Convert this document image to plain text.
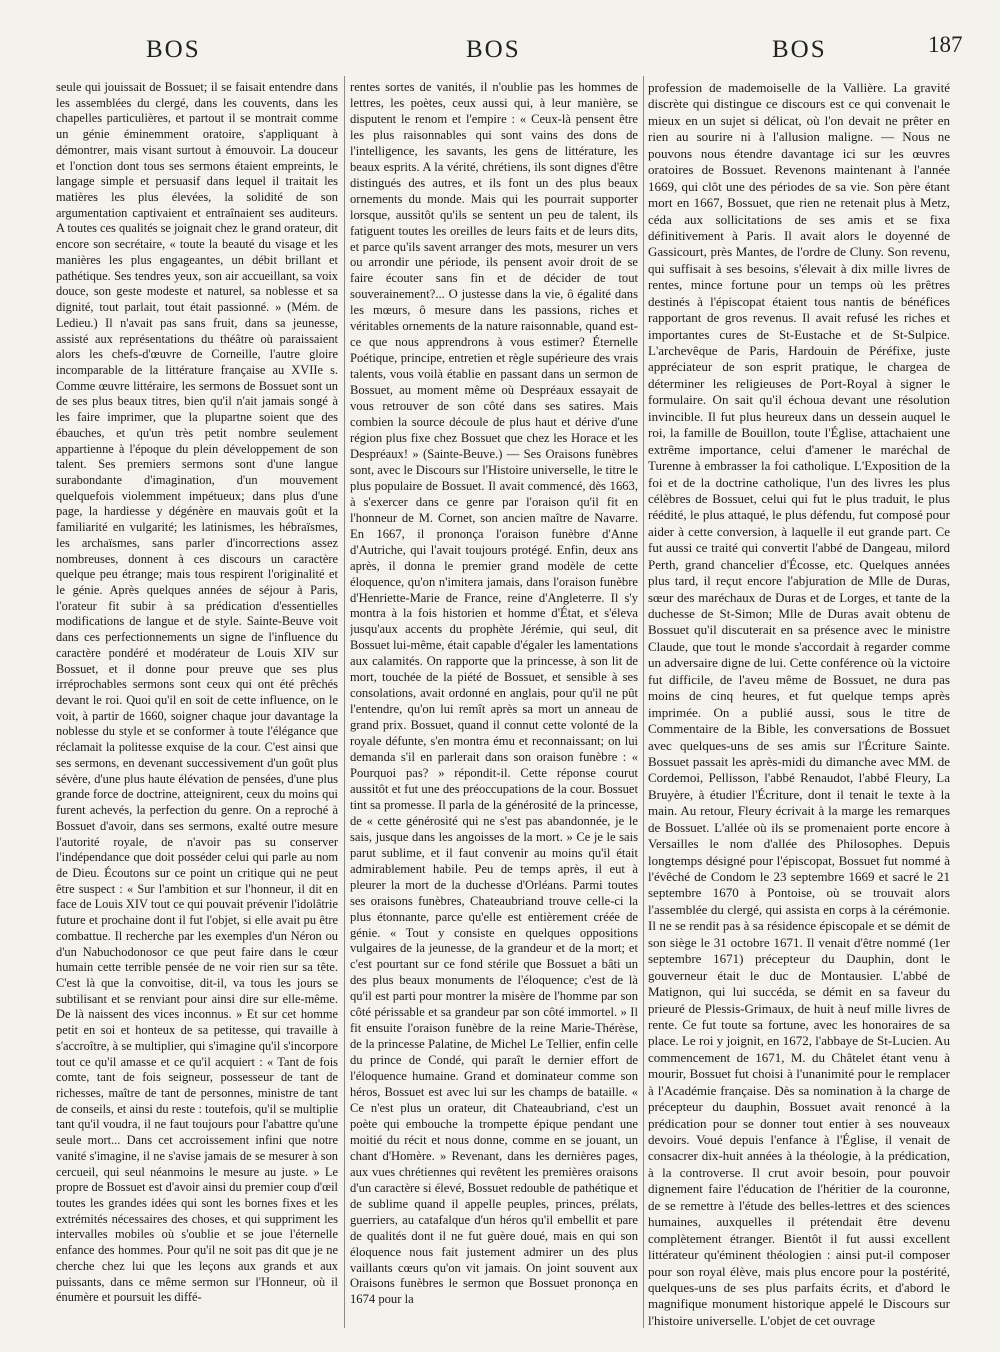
BOS	BOS	BOS	187

seule qui jouissait de Bossuet; il se faisait entendre dans les assemblées du clergé, dans les couvents, dans les chapelles particulières, et partout il se montrait comme un génie éminemment oratoire, s'appliquant à démontrer, mais visant surtout à émouvoir. La douceur et l'onction dont tous ses sermons étaient empreints, le langage simple et persuasif dans lequel il traitait les matières les plus élevées, la solidité de son argumentation captivaient et entraînaient ses auditeurs. A toutes ces qualités se joignait chez le grand orateur, dit encore son secrétaire, « toute la beauté du visage et les manières les plus engageantes, un débit brillant et pathétique. Ses tendres yeux, son air accueillant, sa voix douce, son geste modeste et naturel, sa noblesse et sa dignité, tout parlait, tout était passionné. » (Mém. de Ledieu.) Il n'avait pas sans fruit, dans sa jeunesse, assisté aux représentations du théâtre où paraissaient alors les chefs-d'œuvre de Corneille, l'autre gloire incomparable de la littérature française au XVIIe s. Comme œuvre littéraire, les sermons de Bossuet sont un de ses plus beaux titres, bien qu'il n'ait jamais songé à les faire imprimer, que la plupartne soient que des ébauches, et qu'un très petit nombre seulement appartienne à l'époque du plein développement de son talent. Ses premiers sermons sont d'une langue surabondante d'imagination, d'un mouvement quelquefois violemment impétueux; dans plus d'une page, la hardiesse y dégénère en mauvais goût et la familiarité en vulgarité; les latinismes, les hébraïsmes, les archaïsmes, sans parler d'incorrections assez nombreuses, donnent à ces discours un caractère quelque peu étrange; mais tous respirent l'originalité et le génie. Après quelques années de séjour à Paris, l'orateur fit subir à sa prédication d'essentielles modifications de langue et de style. Sainte-Beuve voit dans ces perfectionnements un signe de l'influence du caractère pondéré et modérateur de Louis XIV sur Bossuet, et il donne pour preuve que ses plus irréprochables sermons sont ceux qui ont été prêchés devant le roi. Quoi qu'il en soit de cette influence, on le voit, à partir de 1660, soigner chaque jour davantage la noblesse du style et se conformer à toute l'élégance que réclamait la politesse exquise de la cour. C'est ainsi que ses sermons, en devenant successivement d'un goût plus sévère, d'une plus haute élévation de pensées, d'une plus grande force de doctrine, atteignirent, ceux du moins qui furent achevés, la perfection du genre. On a reproché à Bossuet d'avoir, dans ses sermons, exalté outre mesure l'autorité royale, de n'avoir pas su conserver l'indépendance que doit posséder celui qui parle au nom de Dieu. Écoutons sur ce point un critique qui ne peut être suspect : « Sur l'ambition et sur l'honneur, il dit en face de Louis XIV tout ce qui pouvait prévenir l'idolâtrie future et prochaine dont il fut l'objet, si elle avait pu être combattue. Il recherche par les exemples d'un Néron ou d'un Nabuchodonosor ce que peut faire dans le cœur humain cette terrible pensée de ne voir rien sur sa tête. C'est là que la convoitise, dit-il, va tous les jours se subtilisant et se renviant pour ainsi dire sur elle-même. De là naissent des vices inconnus. » Et sur cet homme petit en soi et honteux de sa petitesse, qui travaille à s'accroître, à se multiplier, qui s'imagine qu'il s'incorpore tout ce qu'il amasse et ce qu'il acquiert : « Tant de fois comte, tant de fois seigneur, possesseur de tant de richesses, maître de tant de personnes, ministre de tant de conseils, et ainsi du reste : toutefois, qu'il se multiplie tant qu'il voudra, il ne faut toujours pour l'abattre qu'une seule mort... Dans cet accroissement infini que notre vanité s'imagine, il ne s'avise jamais de se mesurer à son cercueil, qui seul néanmoins le mesure au juste. » Le propre de Bossuet est d'avoir ainsi du premier coup d'œil toutes les grandes idées qui sont les bornes fixes et les extrémités nécessaires des choses, et qui suppriment les intervalles mobiles où s'oublie et se joue l'éternelle enfance des hommes. Pour qu'il ne soit pas dit que je ne cherche chez lui que les leçons aux grands et aux puissants, dans ce même sermon sur l'Honneur, où il énumère et poursuit les diffé-

rentes sortes de vanités, il n'oublie pas les hommes de lettres, les poètes, ceux aussi qui, à leur manière, se disputent le renom et l'empire : « Ceux-là pensent être les plus raisonnables qui sont vains des dons de l'intelligence, les savants, les gens de littérature, les beaux esprits. A la vérité, chrétiens, ils sont dignes d'être distingués des autres, et ils font un des plus beaux ornements du monde. Mais qui les pourrait supporter lorsque, aussitôt qu'ils se sentent un peu de talent, ils fatiguent toutes les oreilles de leurs faits et de leurs dits, et parce qu'ils savent arranger des mots, mesurer un vers ou arrondir une période, ils pensent avoir droit de se faire écouter sans fin et de décider de tout souverainement?... O justesse dans la vie, ô égalité dans les mœurs, ô mesure dans les passions, riches et véritables ornements de la nature raisonnable, quand est-ce que nous apprendrons à vous estimer? Éternelle Poétique, principe, entretien et règle supérieure des vrais talents, vous voilà établie en passant dans un sermon de Bossuet, au moment même où Despréaux essayait de vous retrouver de son côté dans ses satires. Mais combien la source découle de plus haut et dérive d'une région plus fixe chez Bossuet que chez les Horace et les Despréaux! » (Sainte-Beuve.) — Ses Oraisons funèbres sont, avec le Discours sur l'Histoire universelle, le titre le plus populaire de Bossuet. Il avait commencé, dès 1663, à s'exercer dans ce genre par l'oraison qu'il fit en l'honneur de M. Cornet, son ancien maître de Navarre. En 1667, il prononça l'oraison funèbre d'Anne d'Autriche, qui l'avait toujours protégé. Enfin, deux ans après, il donna le premier grand modèle de cette éloquence, qu'on n'imitera jamais, dans l'oraison funèbre d'Henriette-Marie de France, reine d'Angleterre. Il s'y montra à la fois historien et homme d'État, et s'éleva jusqu'aux accents du prophète Jérémie, qui seul, dit Bossuet lui-même, était capable d'égaler les lamentations aux calamités. On rapporte que la princesse, à son lit de mort, touchée de la piété de Bossuet, et sensible à ses consolations, avait ordonné en anglais, pour qu'il ne pût l'entendre, qu'on lui remît après sa mort un anneau de grand prix. Bossuet, quand il connut cette volonté de la royale défunte, s'en montra ému et reconnaissant; on lui demanda s'il en parlerait dans son oraison funèbre : « Pourquoi pas? » répondit-il. Cette réponse courut aussitôt et fut une des préoccupations de la cour. Bossuet tint sa promesse. Il parla de la générosité de la princesse, de « cette générosité qui ne s'est pas abandonnée, je le sais, jusque dans les angoisses de la mort. » Ce je le sais parut sublime, et il faut convenir au moins qu'il était admirablement habile. Peu de temps après, il eut à pleurer la mort de la duchesse d'Orléans. Parmi toutes ses oraisons funèbres, Chateaubriand trouve celle-ci la plus étonnante, parce qu'elle est entièrement créée de génie. « Tout y consiste en quelques oppositions vulgaires de la jeunesse, de la grandeur et de la mort; et c'est pourtant sur ce fond stérile que Bossuet a bâti un des plus beaux monuments de l'éloquence; c'est de là qu'il est parti pour montrer la misère de l'homme par son côté périssable et sa grandeur par son côté immortel. » Il fit ensuite l'oraison funèbre de la reine Marie-Thérèse, de la princesse Palatine, de Michel Le Tellier, enfin celle du prince de Condé, qui paraît le dernier effort de l'éloquence humaine. Grand et dominateur comme son héros, Bossuet est avec lui sur les champs de bataille. « Ce n'est plus un orateur, dit Chateaubriand, c'est un poète qui embouche la trompette épique pendant une moitié du récit et nous donne, comme en se jouant, un chant d'Homère. » Revenant, dans les dernières pages, aux vues chrétiennes qui revêtent les premières oraisons d'un caractère si élevé, Bossuet redouble de pathétique et de sublime quand il appelle peuples, princes, prélats, guerriers, au catafalque d'un héros qu'il embellit et pare de qualités dont il ne fut guère doué, mais en qui son éloquence nous fait justement admirer un des plus vaillants cœurs qu'on vit jamais. On joint souvent aux Oraisons funèbres le sermon que Bossuet prononça en 1674 pour la

profession de mademoiselle de la Vallière. La gravité discrète qui distingue ce discours est ce qui convenait le mieux en un sujet si délicat, où l'on devait ne prêter en rien au sourire ni à l'allusion maligne. — Nous ne pouvons nous étendre davantage ici sur les œuvres oratoires de Bossuet. Revenons maintenant à l'année 1669, qui clôt une des périodes de sa vie. Son père étant mort en 1667, Bossuet, que rien ne retenait plus à Metz, céda aux sollicitations de ses amis et se fixa définitivement à Paris. Il avait alors le doyenné de Gassicourt, près Mantes, de l'ordre de Cluny. Son revenu, qui suffisait à ses besoins, s'élevait à dix mille livres de rentes, mince fortune pour un temps où les prêtres destinés à l'épiscopat étaient tous nantis de bénéfices rapportant de gros revenus. Il avait refusé les riches et importantes cures de St-Eustache et de St-Sulpice. L'archevêque de Paris, Hardouin de Péréfixe, juste appréciateur de son esprit pratique, le chargea de déterminer les religieuses de Port-Royal à signer le formulaire. On sait qu'il échoua devant une résolution invincible. Il fut plus heureux dans un dessein auquel le roi, la famille de Bouillon, toute l'Église, attachaient une extrême importance, celui d'amener le maréchal de Turenne à embrasser la foi catholique. L'Exposition de la foi et de la doctrine catholique, l'un des livres les plus célèbres de Bossuet, celui qui fut le plus traduit, le plus réédité, le plus attaqué, le plus défendu, fut composé pour aider à cette conversion, à laquelle il eut grande part. Ce fut aussi ce traité qui convertit l'abbé de Dangeau, milord Perth, grand chancelier d'Écosse, etc. Quelques années plus tard, il reçut encore l'abjuration de Mlle de Duras, sœur des maréchaux de Duras et de Lorges, et tante de la duchesse de St-Simon; Mlle de Duras avait obtenu de Bossuet qu'il discuterait en sa présence avec le ministre Claude, que tout le monde s'accordait à regarder comme un adversaire digne de lui. Cette conférence où la victoire fut difficile, de l'aveu même de Bossuet, ne dura pas moins de cinq heures, et fut quelque temps après imprimée. On a publié aussi, sous le titre de Commentaire de la Bible, les conversations de Bossuet avec quelques-uns de ses amis sur l'Écriture Sainte. Bossuet passait les après-midi du dimanche avec MM. de Cordemoi, Pellisson, l'abbé Renaudot, l'abbé Fleury, La Bruyère, à étudier l'Écriture, dont il tenait le texte à la main. Au retour, Fleury écrivait à la marge les remarques de Bossuet. L'allée où ils se promenaient porte encore à Versailles le nom d'allée des Philosophes. Depuis longtemps désigné pour l'épiscopat, Bossuet fut nommé à l'évêché de Condom le 23 septembre 1669 et sacré le 21 septembre 1670 à Pontoise, où se trouvait alors l'assemblée du clergé, qui assista en corps à la cérémonie. Il ne se rendit pas à sa résidence épiscopale et se démit de son siège le 31 octobre 1671. Il venait d'être nommé (1er septembre 1671) précepteur du Dauphin, dont le gouverneur était le duc de Montausier. L'abbé de Matignon, qui lui succéda, se démit en sa faveur du prieuré de Plessis-Grimaux, de huit à neuf mille livres de rente. Ce fut toute sa fortune, avec les honoraires de sa place. Le roi y joignit, en 1672, l'abbaye de St-Lucien. Au commencement de 1671, M. du Châtelet étant venu à mourir, Bossuet fut choisi à l'unanimité pour le remplacer à l'Académie française. Dès sa nomination à la charge de précepteur du dauphin, Bossuet avait renoncé à la prédication pour se donner tout entier à ses nouveaux devoirs. Voué depuis l'enfance à l'Église, il venait de consacrer dix-huit années à la théologie, à la prédication, à la controverse. Il crut avoir besoin, pour pouvoir dignement faire l'éducation de l'héritier de la couronne, de se remettre à l'étude des belles-lettres et des sciences humaines, auxquelles il prétendait être devenu complètement étranger. Bientôt il fut aussi excellent littérateur qu'éminent théologien : ainsi put-il composer pour son royal élève, mais plus encore pour la postérité, quelques-uns de ses plus parfaits écrits, et d'abord le magnifique monument historique appelé le Discours sur l'histoire universelle. L'objet de cet ouvrage
